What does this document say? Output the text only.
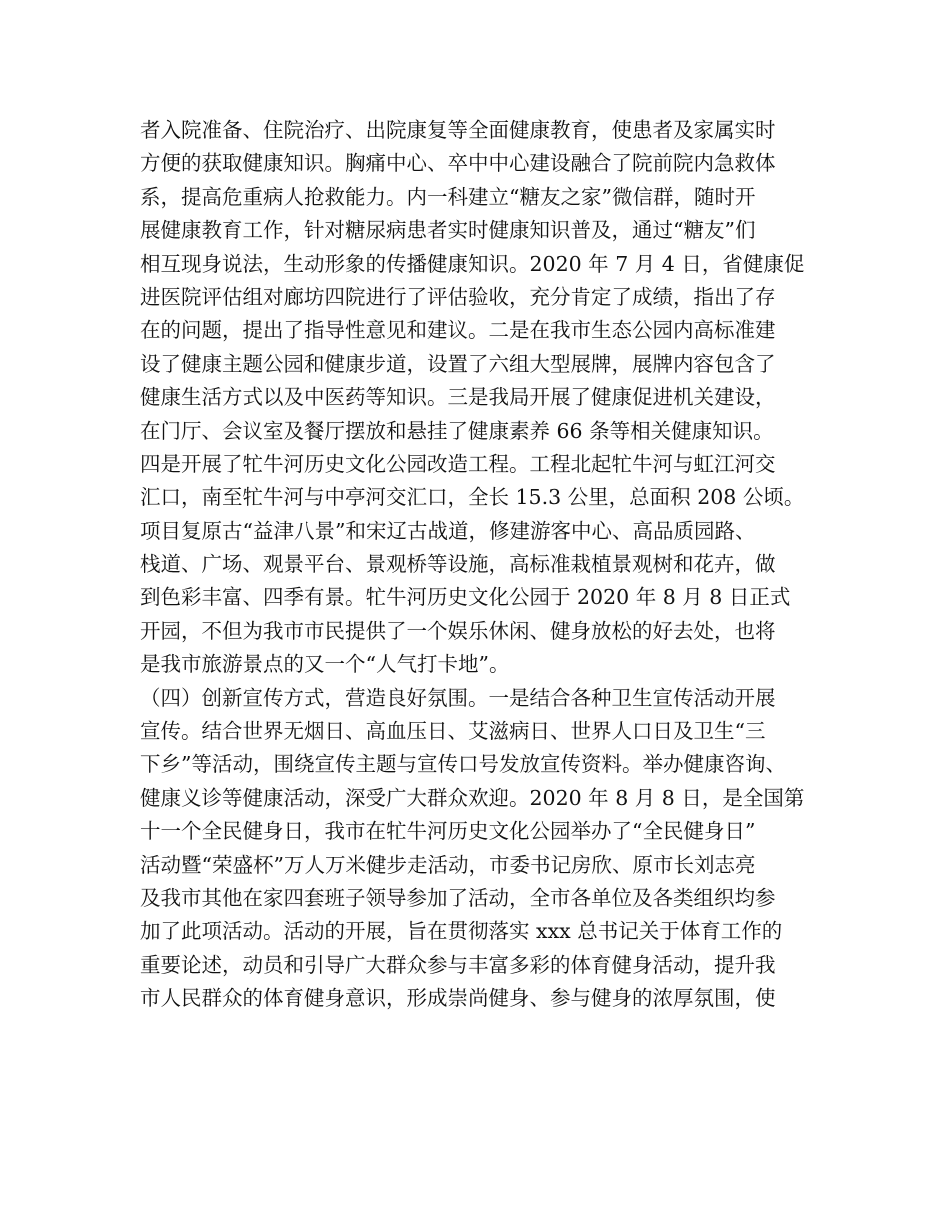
者入院准备、住院治疗、出院康复等全面健康教育，使患者及家属实时
方便的获取健康知识。胸痛中心、卒中中心建设融合了院前院内急救体
系，提高危重病人抢救能力。内一科建立“糖友之家”微信群，随时开
展健康教育工作，针对糖尿病患者实时健康知识普及，通过“糖友”们
相互现身说法，生动形象的传播健康知识。2020 年 7 月 4 日，省健康促
进医院评估组对廊坊四院进行了评估验收，充分肯定了成绩，指出了存
在的问题，提出了指导性意见和建议。二是在我市生态公园内高标准建
设了健康主题公园和健康步道，设置了六组大型展牌，展牌内容包含了
健康生活方式以及中医药等知识。三是我局开展了健康促进机关建设，
在门厅、会议室及餐厅摆放和悬挂了健康素养 66 条等相关健康知识。
四是开展了牤牛河历史文化公园改造工程。工程北起牤牛河与虹江河交
汇口，南至牤牛河与中亭河交汇口，全长 15.3 公里，总面积 208 公顷。
项目复原古“益津八景”和宋辽古战道，修建游客中心、高品质园路、
栈道、广场、观景平台、景观桥等设施，高标准栽植景观树和花卉，做
到色彩丰富、四季有景。牤牛河历史文化公园于 2020 年 8 月 8 日正式
开园，不但为我市市民提供了一个娱乐休闲、健身放松的好去处，也将
是我市旅游景点的又一个“人气打卡地”。
（四）创新宣传方式，营造良好氛围。一是结合各种卫生宣传活动开展
宣传。结合世界无烟日、高血压日、艾滋病日、世界人口日及卫生“三
下乡”等活动，围绕宣传主题与宣传口号发放宣传资料。举办健康咨询、
健康义诊等健康活动，深受广大群众欢迎。2020 年 8 月 8 日，是全国第
十一个全民健身日，我市在牤牛河历史文化公园举办了“全民健身日”
活动暨“荣盛杯”万人万米健步走活动，市委书记房欣、原市长刘志亮
及我市其他在家四套班子领导参加了活动，全市各单位及各类组织均参
加了此项活动。活动的开展，旨在贯彻落实 xxx 总书记关于体育工作的
重要论述，动员和引导广大群众参与丰富多彩的体育健身活动，提升我
市人民群众的体育健身意识，形成崇尚健身、参与健身的浓厚氛围，使
